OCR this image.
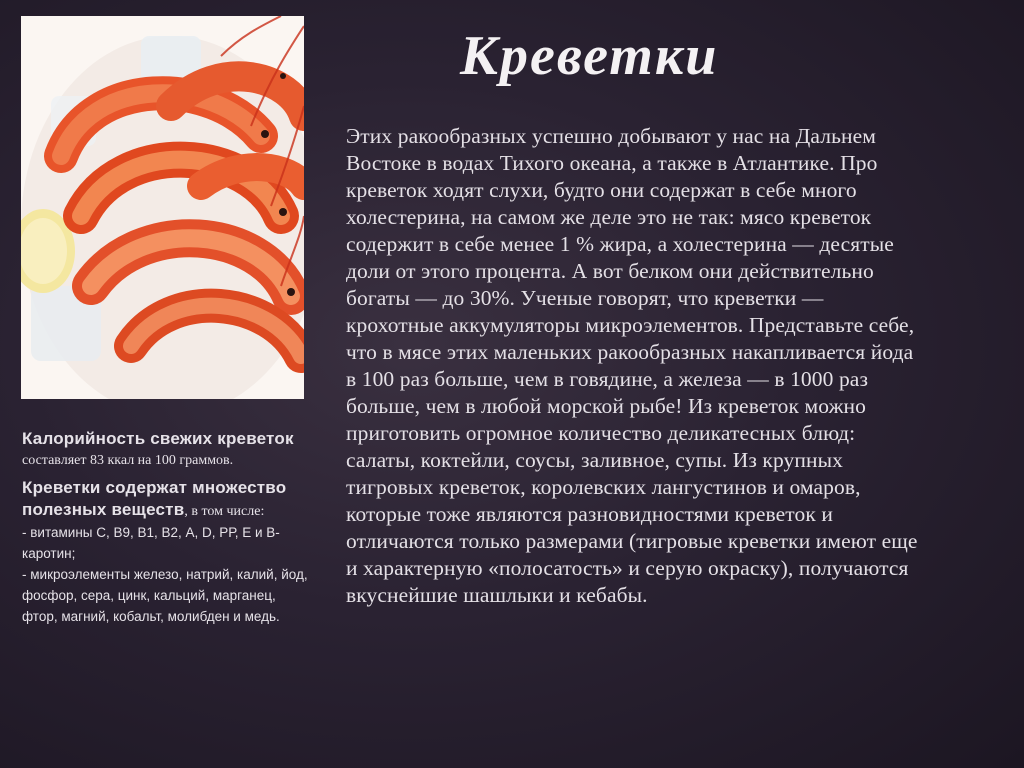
Креветки
Этих ракообразных успешно добывают у нас на Дальнем Востоке в водах Тихого океана, а также в Атлантике. Про креветок ходят слухи, будто они содержат в себе много холестерина, на самом же деле это не так: мясо креветок содержит в себе менее 1 % жира, а холестерина — десятые доли от этого процента. А вот белком они действительно богаты — до 30%. Ученые говорят, что креветки — крохотные аккумуляторы микроэлементов. Представьте себе, что в мясе этих маленьких ракообразных накапливается йода в 100 раз больше, чем в говядине, а железа — в 1000 раз больше, чем в любой морской рыбе! Из креветок можно приготовить огромное количество деликатесных блюд: салаты, коктейли, соусы, заливное, супы. Из крупных тигровых креветок, королевских лангустинов и омаров, которые тоже являются разновидностями креветок и отличаются только размерами (тигровые креветки имеют еще и характерную «полосатость» и серую окраску), получаются вкуснейшие шашлыки и кебабы.
Калорийность свежих креветок составляет 83 ккал на 100 граммов.
Креветки содержат множество полезных веществ, в том числе:
- витамины С, В9, В1, В2, А, D, РР, Е и В-каротин;
- микроэлементы железо, натрий, калий, йод, фосфор, сера, цинк, кальций, марганец, фтор, магний, кобальт, молибден и медь.
